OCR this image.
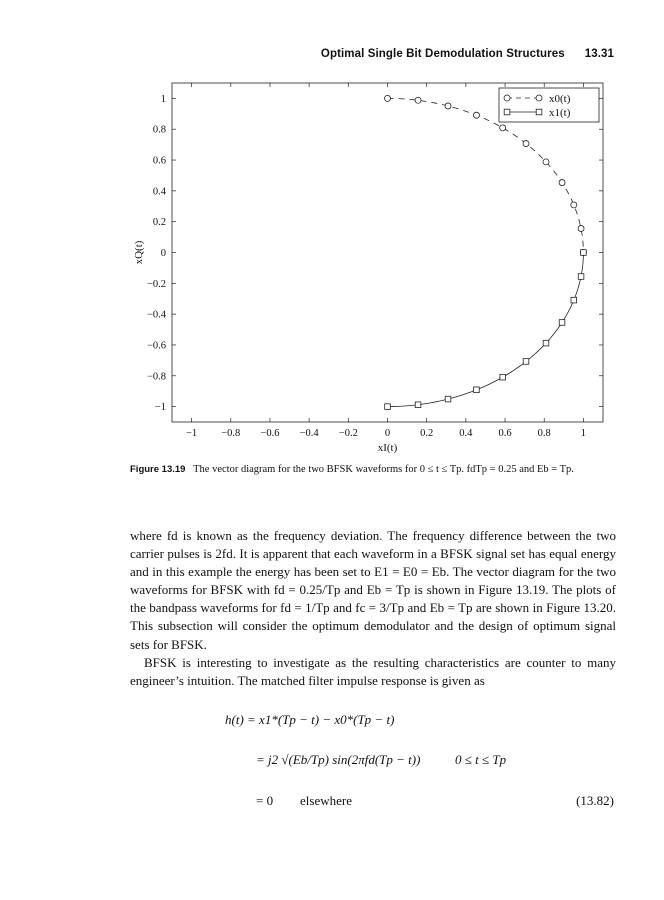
Optimal Single Bit Demodulation Structures 13.31
−1 −0.8 −0.6 −0.4 −0.2	0	0.2 0.4 0.6 0.8	1
1
0.8
0.6
0.4
0.2
0
−0.2
−0.4
−0.6
−0.8
−1
xI(t)
xQ(t)
x0(t)
x1(t)
Figure 13.19 The vector diagram for the two BFSK waveforms for 0 ≤ t ≤ Tp. fdTp = 0.25 and Eb = Tp.

where fd is known as the frequency deviation. The frequency difference between the two carrier pulses is 2fd. It is apparent that each waveform in a BFSK signal set has equal energy and in this example the energy has been set to E1 = E0 = Eb. The vector diagram for the two waveforms for BFSK with fd = 0.25/Tp and Eb = Tp is shown in Figure 13.19. The plots of the bandpass waveforms for fd = 1/Tp and fc = 3/Tp and Eb = Tp are shown in Figure 13.20. This subsection will consider the optimum demodulator and the design of optimum signal sets for BFSK.

BFSK is interesting to investigate as the resulting characteristics are counter to many engineer’s intuition. The matched filter impulse response is given as

h(t) = x1*(Tp − t) − x0*(Tp − t)
= j2 √(Eb/Tp) sin(2πfd(Tp − t))	0 ≤ t ≤ Tp
= 0 elsewhere	(13.82)
